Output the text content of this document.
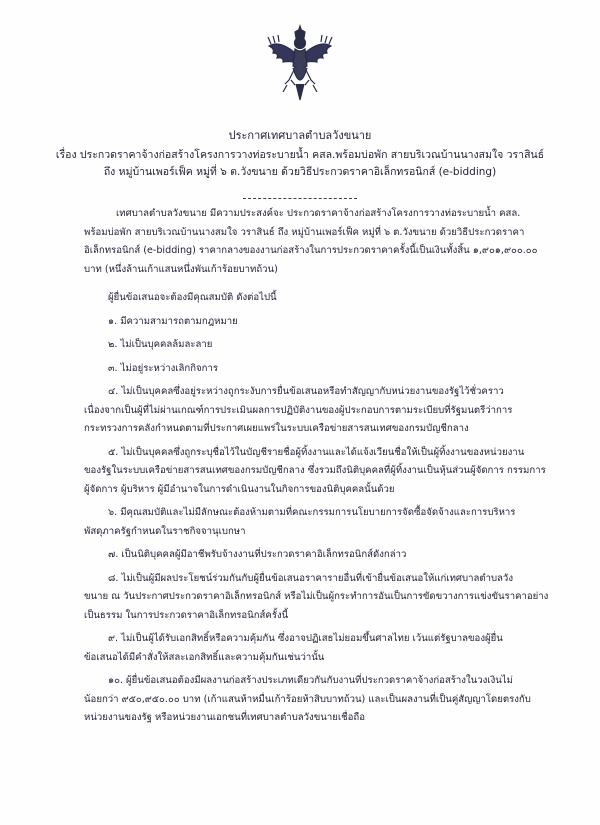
ประกาศเทศบาลตำบลวังขนาย
เรื่อง ประกวดราคาจ้างก่อสร้างโครงการวางท่อระบายน้ำ คสล.พร้อมบ่อพัก สายบริเวณบ้านนางสมใจ วราสินธ์
ถึง หมู่บ้านเพอร์เฟ็ค หมู่ที่ ๖ ต.วังขนาย ด้วยวิธีประกวดราคาอิเล็กทรอนิกส์ (e-bidding)

เทศบาลตำบลวังขนาย มีความประสงค์จะ ประกวดราคาจ้างก่อสร้างโครงการวางท่อระบายน้ำ คสล.

พร้อมบ่อพัก สายบริเวณบ้านนางสมใจ วราสินธ์ ถึง หมู่บ้านเพอร์เฟ็ค หมู่ที่ ๖ ต.วังขนาย ด้วยวิธีประกวดราคา

อิเล็กทรอนิกส์ (e-bidding) ราคากลางของงานก่อสร้างในการประกวดราคาครั้งนี้เป็นเงินทั้งสิ้น ๑,๙๐๑,๙๐๐.๐๐

บาท (หนึ่งล้านเก้าแสนหนึ่งพันเก้าร้อยบาทถ้วน)

ผู้ยื่นข้อเสนอจะต้องมีคุณสมบัติ ดังต่อไปนี้

๑. มีความสามารถตามกฎหมาย

๒. ไม่เป็นบุคคลล้มละลาย

๓. ไม่อยู่ระหว่างเลิกกิจการ

๔. ไม่เป็นบุคคลซึ่งอยู่ระหว่างถูกระงับการยื่นข้อเสนอหรือทำสัญญากับหน่วยงานของรัฐไว้ชั่วคราว

เนื่องจากเป็นผู้ที่ไม่ผ่านเกณฑ์การประเมินผลการปฏิบัติงานของผู้ประกอบการตามระเบียบที่รัฐมนตรีว่าการ

กระทรวงการคลังกำหนดตามที่ประกาศเผยแพร่ในระบบเครือข่ายสารสนเทศของกรมบัญชีกลาง

๕. ไม่เป็นบุคคลซึ่งถูกระบุชื่อไว้ในบัญชีรายชื่อผู้ทิ้งงานและได้แจ้งเวียนชื่อให้เป็นผู้ทิ้งงานของหน่วยงาน

ของรัฐในระบบเครือข่ายสารสนเทศของกรมบัญชีกลาง ซึ่งรวมถึงนิติบุคคลที่ผู้ทิ้งงานเป็นหุ้นส่วนผู้จัดการ กรรมการ

ผู้จัดการ ผู้บริหาร ผู้มีอำนาจในการดำเนินงานในกิจการของนิติบุคคลนั้นด้วย

๖. มีคุณสมบัติและไม่มีลักษณะต้องห้ามตามที่คณะกรรมการนโยบายการจัดซื้อจัดจ้างและการบริหาร

พัสดุภาครัฐกำหนดในราชกิจจานุเบกษา

๗. เป็นนิติบุคคลผู้มีอาชีพรับจ้างงานที่ประกวดราคาอิเล็กทรอนิกส์ดังกล่าว

๘. ไม่เป็นผู้มีผลประโยชน์ร่วมกันกับผู้ยื่นข้อเสนอราคารายอื่นที่เข้ายื่นข้อเสนอให้แก่เทศบาลตำบลวัง

ขนาย ณ วันประกาศประกวดราคาอิเล็กทรอนิกส์ หรือไม่เป็นผู้กระทำการอันเป็นการขัดขวางการแข่งขันราคาอย่าง

เป็นธรรม ในการประกวดราคาอิเล็กทรอนิกส์ครั้งนี้

๙. ไม่เป็นผู้ได้รับเอกสิทธิ์หรือความคุ้มกัน ซึ่งอาจปฏิเสธไม่ยอมขึ้นศาลไทย เว้นแต่รัฐบาลของผู้ยื่น

ข้อเสนอได้มีคำสั่งให้สละเอกสิทธิ์และความคุ้มกันเช่นว่านั้น

๑๐. ผู้ยื่นข้อเสนอต้องมีผลงานก่อสร้างประเภทเดียวกันกับงานที่ประกวดราคาจ้างก่อสร้างในวงเงินไม่

น้อยกว่า ๙๕๐,๙๕๐.๐๐ บาท (เก้าแสนห้าหมื่นเก้าร้อยห้าสิบบาทถ้วน) และเป็นผลงานที่เป็นคู่สัญญาโดยตรงกับ

หน่วยงานของรัฐ หรือหน่วยงานเอกชนที่เทศบาลตำบลวังขนายเชื่อถือ
